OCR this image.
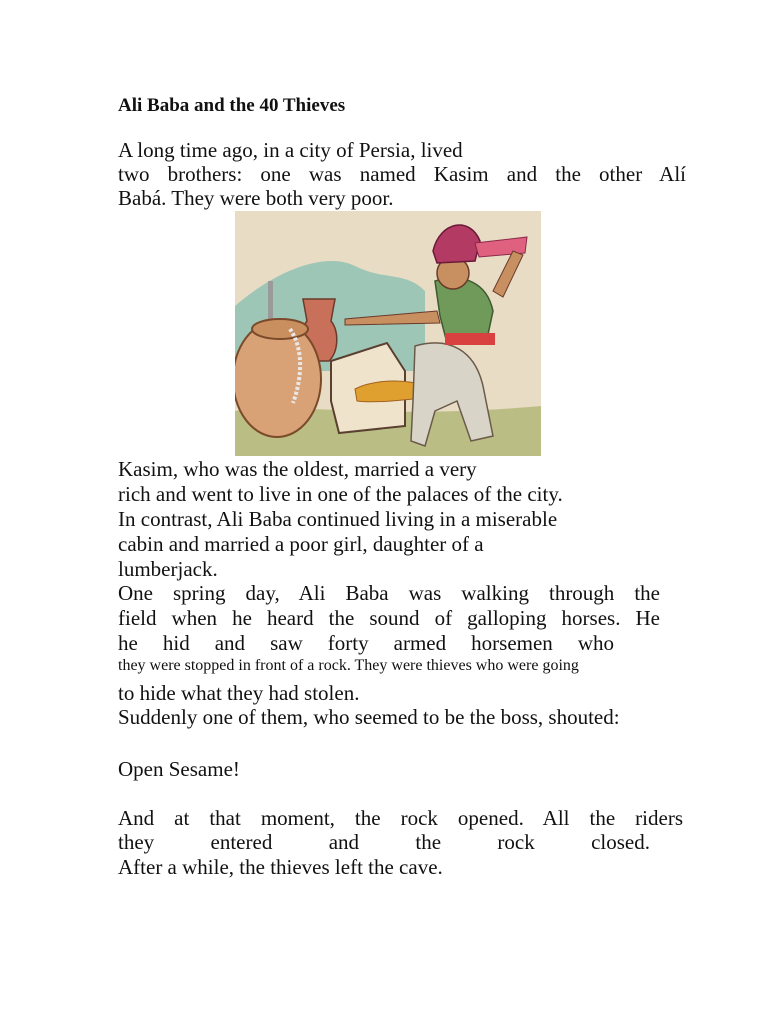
Ali Baba and the 40 Thieves
A long time ago, in a city of Persia, lived
two brothers: one was named Kasim and the other Alí
Babá. They were both very poor.
Kasim, who was the oldest, married a very
rich and went to live in one of the palaces of the city.
In contrast, Ali Baba continued living in a miserable
cabin and married a poor girl, daughter of a
lumberjack.
One spring day, Ali Baba was walking through the
field when he heard the sound of galloping horses. He
he hid and saw forty armed horsemen who
they were stopped in front of a rock. They were thieves who were going
to hide what they had stolen.
Suddenly one of them, who seemed to be the boss, shouted:
Open Sesame!
And at that moment, the rock opened. All the riders
they entered and the rock closed.
After a while, the thieves left the cave.
